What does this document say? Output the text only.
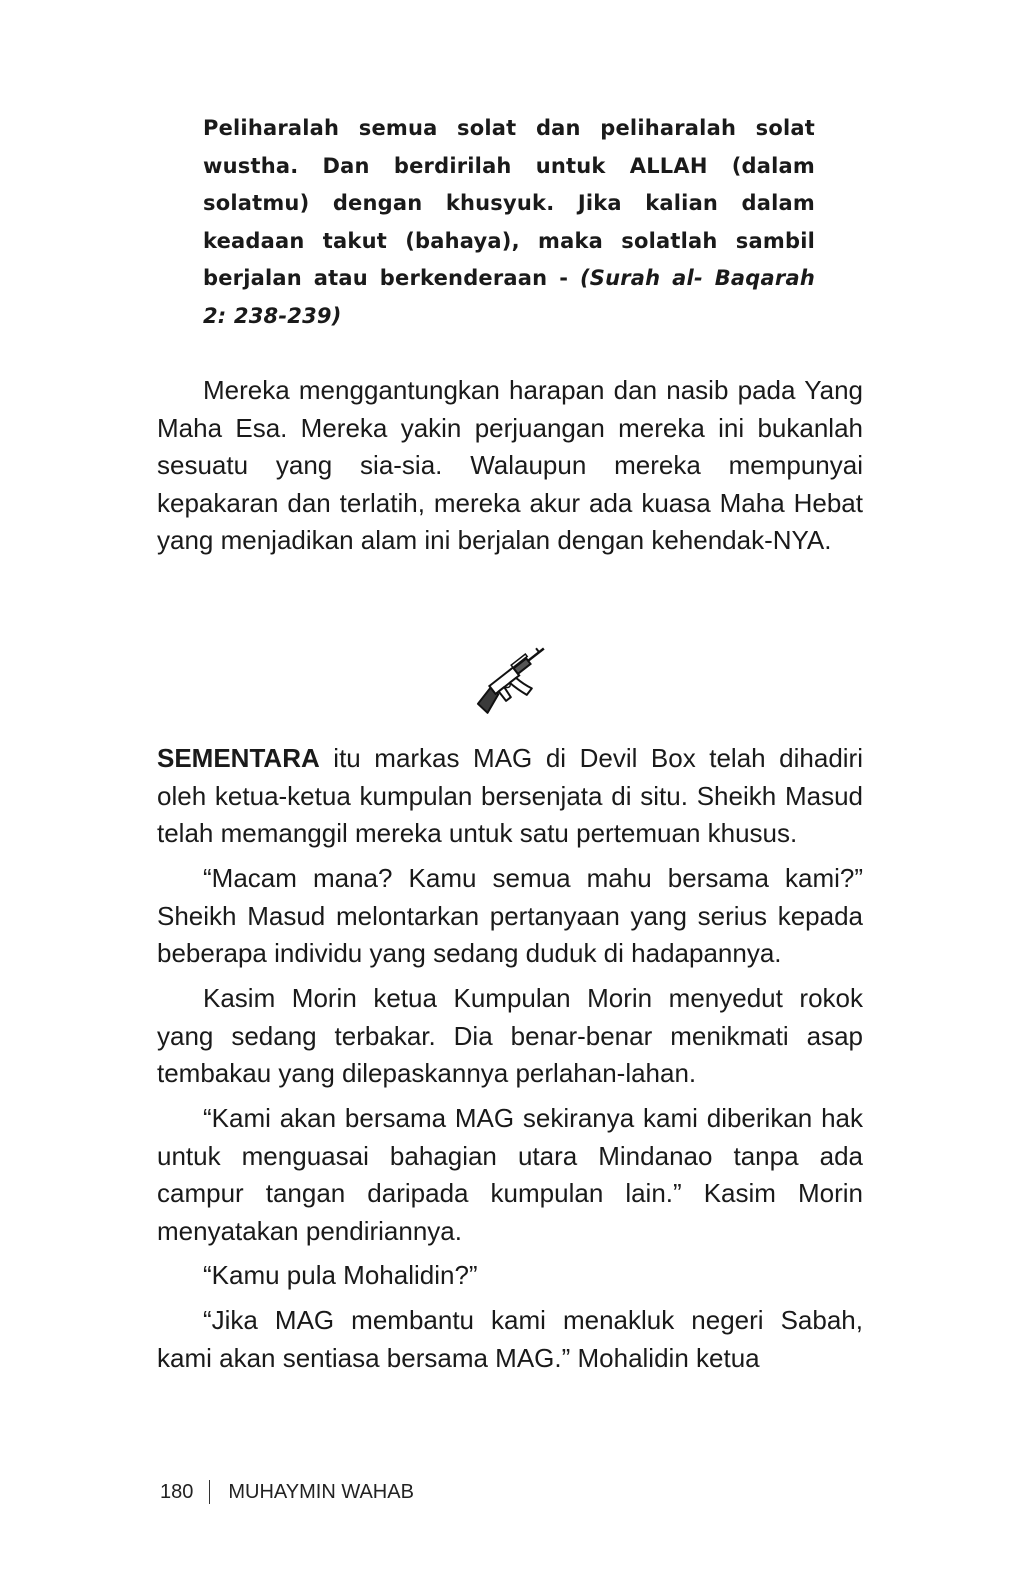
Peliharalah semua solat dan peliharalah solat wustha. Dan berdirilah untuk ALLAH (dalam solatmu) dengan khusyuk. Jika kalian dalam keadaan takut (bahaya), maka solatlah sambil berjalan atau berkenderaan - (Surah al- Baqarah 2: 238-239)

Mereka menggantungkan harapan dan nasib pada Yang Maha Esa. Mereka yakin perjuangan mereka ini bukanlah sesuatu yang sia-sia. Walaupun mereka mempunyai kepakaran dan terlatih, mereka akur ada kuasa Maha Hebat yang menjadikan alam ini berjalan dengan kehendak-NYA.

SEMENTARA itu markas MAG di Devil Box telah dihadiri oleh ketua-ketua kumpulan bersenjata di situ. Sheikh Masud telah memanggil mereka untuk satu pertemuan khusus.

“Macam mana? Kamu semua mahu bersama kami?” Sheikh Masud melontarkan pertanyaan yang serius kepada beberapa individu yang sedang duduk di hadapannya.

Kasim Morin ketua Kumpulan Morin menyedut rokok yang sedang terbakar. Dia benar-benar menikmati asap tembakau yang dilepaskannya perlahan-lahan.

“Kami akan bersama MAG sekiranya kami diberikan hak untuk menguasai bahagian utara Mindanao tanpa ada campur tangan daripada kumpulan lain.” Kasim Morin menyatakan pendiriannya.

“Kamu pula Mohalidin?”

“Jika MAG membantu kami menakluk negeri Sabah, kami akan sentiasa bersama MAG.” Mohalidin ketua

180 MUHAYMIN WAHAB
